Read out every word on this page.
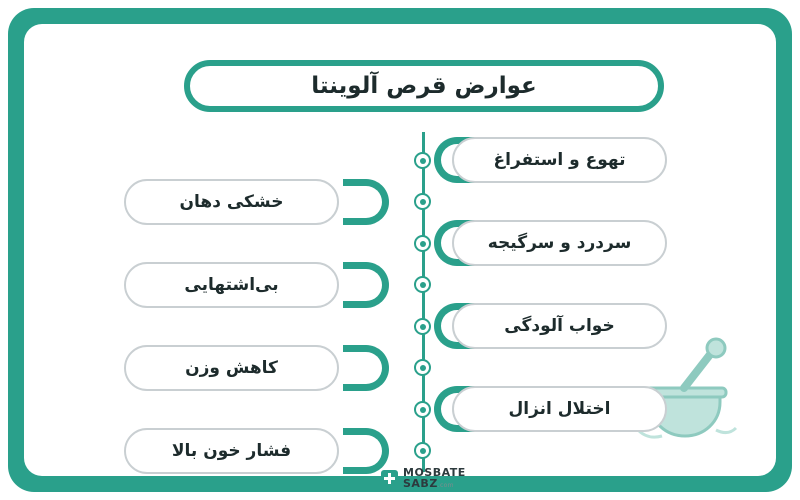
عوارض قرص آلوینتا
تهوع و استفراغ
سردرد و سرگیجه
خواب آلودگی
اختلال انزال
خشکی دهان
بی‌اشتهایی
کاهش وزن
فشار خون بالا
MOSBATE
SABZ.com
